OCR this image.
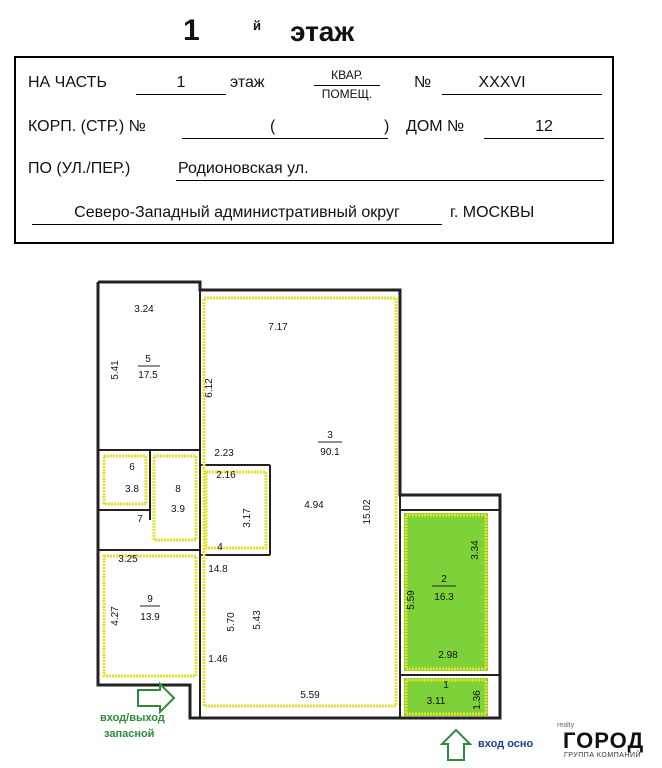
1	й этаж
НА ЧАСТЬ	1	этаж	КВАР.
ПОМЕЩ.
№	XXXVI
КОРП. (СТР.) №	(	) ДОМ №	12
ПО (УЛ./ПЕР.)	Родионовская ул.
Северо-Западный административный округ	г. МОСКВЫ
5
17.5
3
90.1
6
3.8	8
3.9
7
4
14.8
9
13.9
2
16.3
1
3.24
5.41
7.17
6.12
2.23
2.16
3.17
4.94	15.02
3.25
4.27	5.70 5.43
1.46
5.59
3.34
5.59
2.98
3.11	1.36
вход/выход
запасной
вход осно
realty
ГОРОД
ГРУППА КОМПАНИЙ
